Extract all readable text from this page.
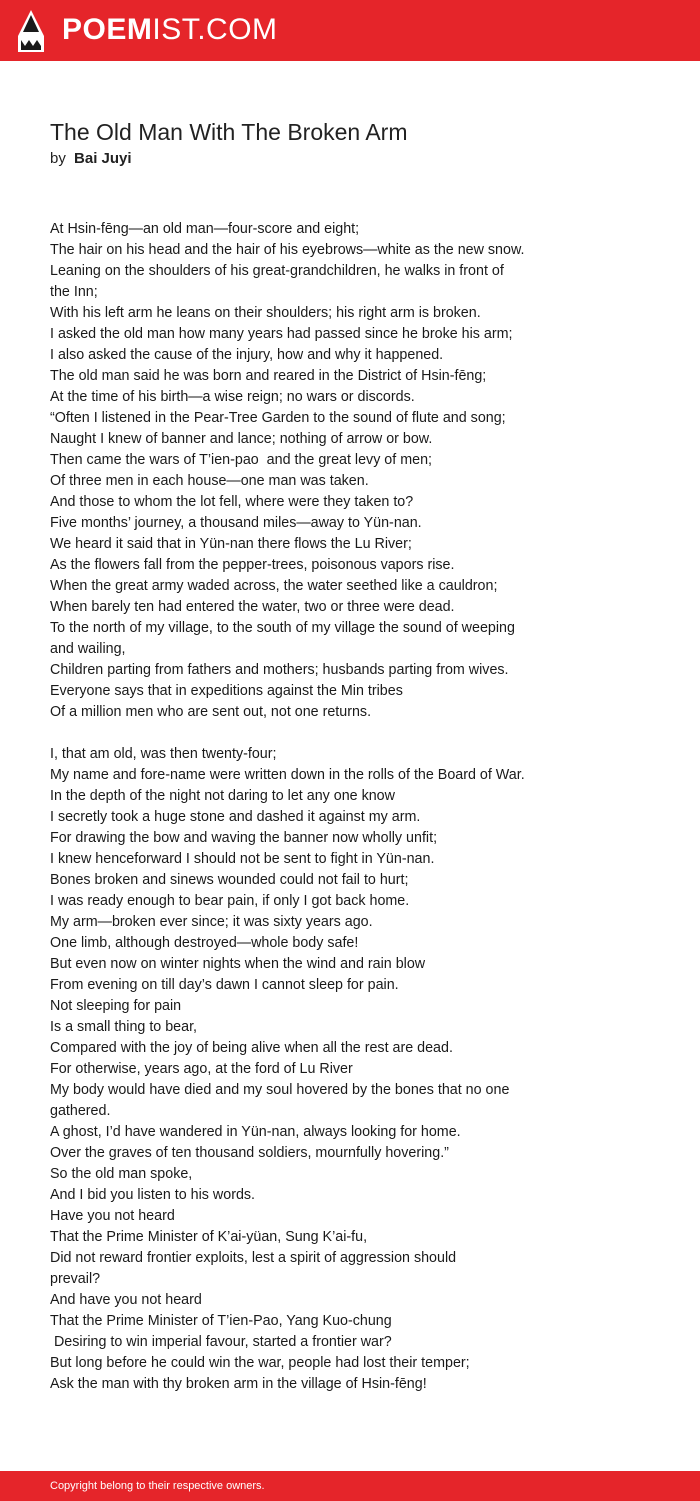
POEMIST.COM
The Old Man With The Broken Arm
by Bai Juyi
At Hsin-fēng—an old man—four-score and eight;
The hair on his head and the hair of his eyebrows—white as the new snow.
Leaning on the shoulders of his great-grandchildren, he walks in front of
the Inn;
With his left arm he leans on their shoulders; his right arm is broken.
I asked the old man how many years had passed since he broke his arm;
I also asked the cause of the injury, how and why it happened.
The old man said he was born and reared in the District of Hsin-fēng;
At the time of his birth—a wise reign; no wars or discords.
“Often I listened in the Pear-Tree Garden to the sound of flute and song;
Naught I knew of banner and lance; nothing of arrow or bow.
Then came the wars of T’ien-pao  and the great levy of men;
Of three men in each house—one man was taken.
And those to whom the lot fell, where were they taken to?
Five months’ journey, a thousand miles—away to Yün-nan.
We heard it said that in Yün-nan there flows the Lu River;
As the flowers fall from the pepper-trees, poisonous vapors rise.
When the great army waded across, the water seethed like a cauldron;
When barely ten had entered the water, two or three were dead.
To the north of my village, to the south of my village the sound of weeping
and wailing,
Children parting from fathers and mothers; husbands parting from wives.
Everyone says that in expeditions against the Min tribes
Of a million men who are sent out, not one returns.
I, that am old, was then twenty-four;
My name and fore-name were written down in the rolls of the Board of War.
In the depth of the night not daring to let any one know
I secretly took a huge stone and dashed it against my arm.
For drawing the bow and waving the banner now wholly unfit;
I knew henceforward I should not be sent to fight in Yün-nan.
Bones broken and sinews wounded could not fail to hurt;
I was ready enough to bear pain, if only I got back home.
My arm—broken ever since; it was sixty years ago.
One limb, although destroyed—whole body safe!
But even now on winter nights when the wind and rain blow
From evening on till day’s dawn I cannot sleep for pain.
Not sleeping for pain
Is a small thing to bear,
Compared with the joy of being alive when all the rest are dead.
For otherwise, years ago, at the ford of Lu River
My body would have died and my soul hovered by the bones that no one
gathered.
A ghost, I’d have wandered in Yün-nan, always looking for home.
Over the graves of ten thousand soldiers, mournfully hovering.”
So the old man spoke,
And I bid you listen to his words.
Have you not heard
That the Prime Minister of K’ai-yüan, Sung K’ai-fu,
Did not reward frontier exploits, lest a spirit of aggression should
prevail?
And have you not heard
That the Prime Minister of T’ien-Pao, Yang Kuo-chung
Desiring to win imperial favour, started a frontier war?
But long before he could win the war, people had lost their temper;
Ask the man with thy broken arm in the village of Hsin-fēng!
Copyright belong to their respective owners.
